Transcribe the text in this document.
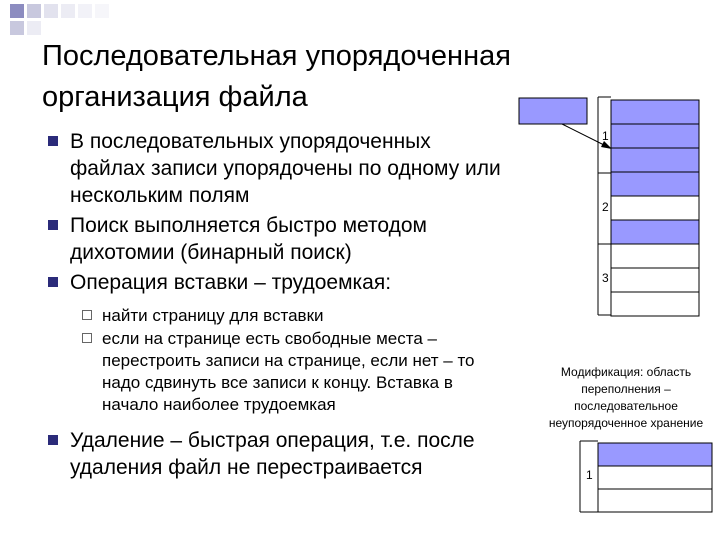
Последовательная упорядоченная организация файла
В последовательных упорядоченных файлах записи упорядочены по одному или нескольким полям
Поиск выполняется быстро методом дихотомии (бинарный поиск)
Операция вставки – трудоемкая:
найти страницу для вставки
если на странице есть свободные места – перестроить записи на странице, если нет – то надо сдвинуть все записи к концу. Вставка в начало наиболее трудоемкая
Удаление – быстрая операция, т.е. после удаления файл не перестраивается
1
2
3
1
Модификация: область переполнения – последовательное неупорядоченное хранение
